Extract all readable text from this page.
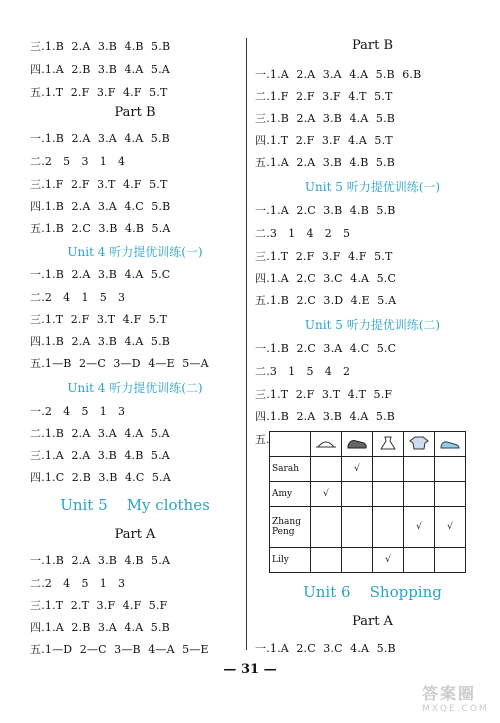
三.1.B  2.A  3.B  4.B  5.B
四.1.A  2.B  3.B  4.A  5.A
五.1.T  2.F  3.F  4.F  5.T
Part B
一.1.B  2.A  3.A  4.A  5.B
二.2   5   3   1   4
三.1.F  2.F  3.T  4.F  5.T
四.1.B  2.A  3.A  4.C  5.B
五.1.B  2.C  3.B  4.B  5.A
Unit 4 听力提优训练(一)
一.1.B  2.A  3.B  4.A  5.C
二.2   4   1   5   3
三.1.T  2.F  3.T  4.F  5.T
四.1.B  2.A  3.B  4.A  5.B
五.1—B  2—C  3—D  4—E  5—A
Unit 4 听力提优训练(二)
一.2   4   5   1   3
二.1.B  2.A  3.A  4.A  5.A
三.1.A  2.A  3.B  4.B  5.A
四.1.C  2.B  3.B  4.C  5.A
Unit 5    My clothes
Part A
一.1.B  2.A  3.B  4.B  5.A
二.2   4   5   1   3
三.1.T  2.T  3.F  4.F  5.F
四.1.A  2.B  3.A  4.A  5.B
五.1—D  2—C  3—B  4—A  5—E
Part B
一.1.A  2.A  3.A  4.A  5.B  6.B
二.1.F  2.F  3.F  4.T  5.T
三.1.B  2.A  3.B  4.A  5.B
四.1.T  2.F  3.F  4.A  5.T
五.1.A  2.A  3.B  4.B  5.B
Unit 5 听力提优训练(一)
一.1.A  2.C  3.B  4.B  5.B
二.3   1   4   2   5
三.1.T  2.F  3.F  4.F  5.T
四.1.A  2.C  3.C  4.A  5.C
五.1.B  2.C  3.D  4.E  5.A
Unit 5 听力提优训练(二)
一.1.B  2.C  3.A  4.C  5.C
二.3   1   5   4   2
三.1.T  2.F  3.T  4.T  5.F
四.1.B  2.A  3.B  4.A  5.B
五.

Sarah		√			
Amy	√				
Zhang Peng				√	√
Lily			√		
Unit 6    Shopping
Part A
一.1.A  2.C  3.C  4.A  5.B
— 31 —
答案圈
MXQE.COM
